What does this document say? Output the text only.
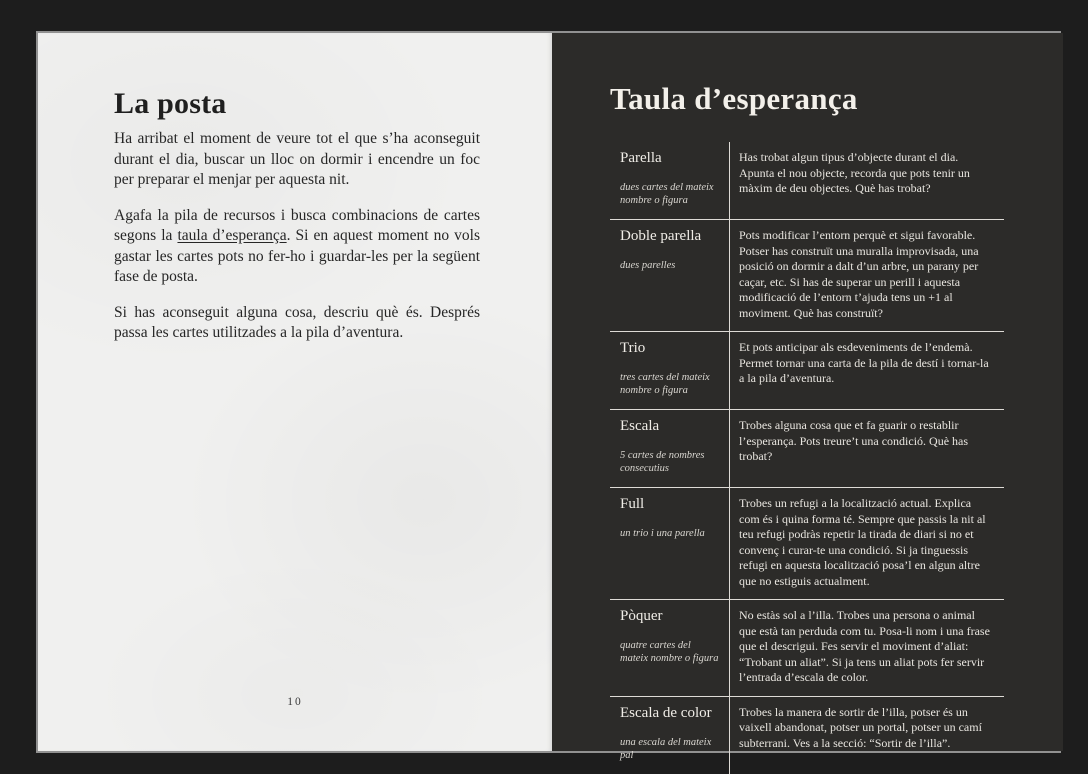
La posta

Ha arribat el moment de veure tot el que s’ha aconseguit durant el dia, buscar un lloc on dormir i encendre un foc per preparar el menjar per aquesta nit.

Agafa la pila de recursos i busca combinacions de cartes segons la taula d’esperança. Si en aquest moment no vols gastar les cartes pots no fer-ho i guardar-les per la següent fase de posta.

Si has aconseguit alguna cosa, descriu què és. Després passa les cartes utilitzades a la pila d’aventura.

10
Taula d’esperança
Parella
dues cartes del mateix nombre o figura
Has trobat algun tipus d’objecte durant el dia. Apunta el nou objecte, recorda que pots tenir un màxim de deu objectes. Què has trobat?
Doble parella
dues parelles
Pots modificar l’entorn perquè et sigui favorable. Potser has construït una muralla improvisada, una posició on dormir a dalt d’un arbre, un parany per caçar, etc. Si has de superar un perill i aquesta modificació de l’entorn t’ajuda tens un +1 al moviment. Què has construït?
Trio
tres cartes del mateix nombre o figura
Et pots anticipar als esdeveniments de l’endemà. Permet tornar una carta de la pila de destí i tornar-la a la pila d’aventura.
Escala
5 cartes de nombres consecutius
Trobes alguna cosa que et fa guarir o restablir l’esperança. Pots treure’t una condició. Què has trobat?
Full
un trio i una parella
Trobes un refugi a la localització actual. Explica com és i quina forma té. Sempre que passis la nit al teu refugi podràs repetir la tirada de diari si no et convenç i curar-te una condició. Si ja tinguessis refugi en aquesta localització posa’l en algun altre que no estiguis actualment.
Pòquer
quatre cartes del mateix nombre o figura
No estàs sol a l’illa. Trobes una persona o animal que està tan perduda com tu. Posa-li nom i una frase que el descrigui. Fes servir el moviment d’aliat: “Trobant un aliat”. Si ja tens un aliat pots fer servir l’entrada d’escala de color.
Escala de color
una escala del mateix pal
Trobes la manera de sortir de l’illa, potser és un vaixell abandonat, potser un portal, potser un camí subterrani. Ves a la secció: “Sortir de l’illa”.
